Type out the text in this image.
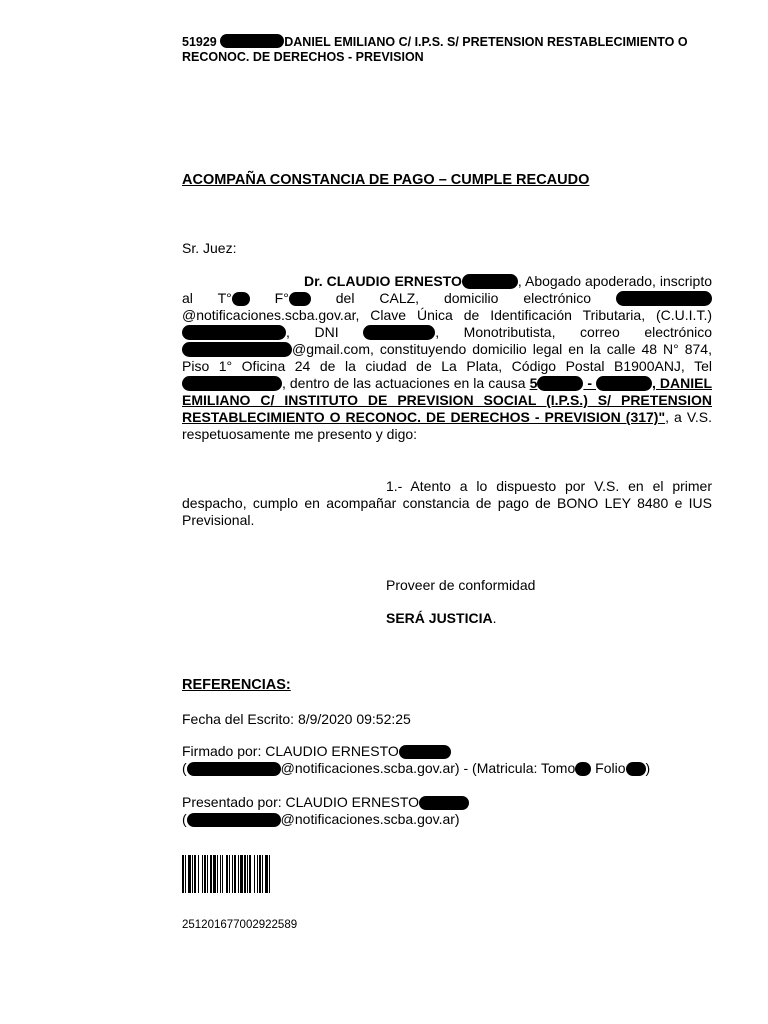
51929	DANIEL EMILIANO C/ I.P.S. S/ PRETENSION RESTABLECIMIENTO O RECONOC. DE DERECHOS - PREVISION
ACOMPAÑA CONSTANCIA DE PAGO – CUMPLE RECAUDO
Sr. Juez:
Dr. CLAUDIO ERNESTO	, Abogado apoderado, inscripto al T° F° del CALZ, domicilio electrónico @notificaciones.scba.gov.ar, Clave Única de Identificación Tributaria, (C.U.I.T.) , DNI	, Monotributista, correo electrónico @gmail.com, constituyendo domicilio legal en la calle 48 N° 874, Piso 1° Oficina 24 de la ciudad de La Plata, Código Postal B1900ANJ, Tel, dentro de las actuaciones en la causa 5	-	, DANIEL EMILIANO C/ INSTITUTO DE PREVISION SOCIAL (I.P.S.) S/ PRETENSION RESTABLECIMIENTO O RECONOC. DE DERECHOS - PREVISION (317)", a V.S. respetuosamente me presento y digo:
1.- Atento a lo dispuesto por V.S. en el primer despacho, cumplo en acompañar constancia de pago de BONO LEY 8480 e IUS Previsional.
Proveer de conformidad
SERÁ JUSTICIA.
REFERENCIAS:
Fecha del Escrito: 8/9/2020 09:52:25
Firmado por: CLAUDIO ERNESTO
(	@notificaciones.scba.gov.ar) - (Matricula: Tomo Folio )
Presentado por: CLAUDIO ERNESTO
(	@notificaciones.scba.gov.ar)
251201677002922589
